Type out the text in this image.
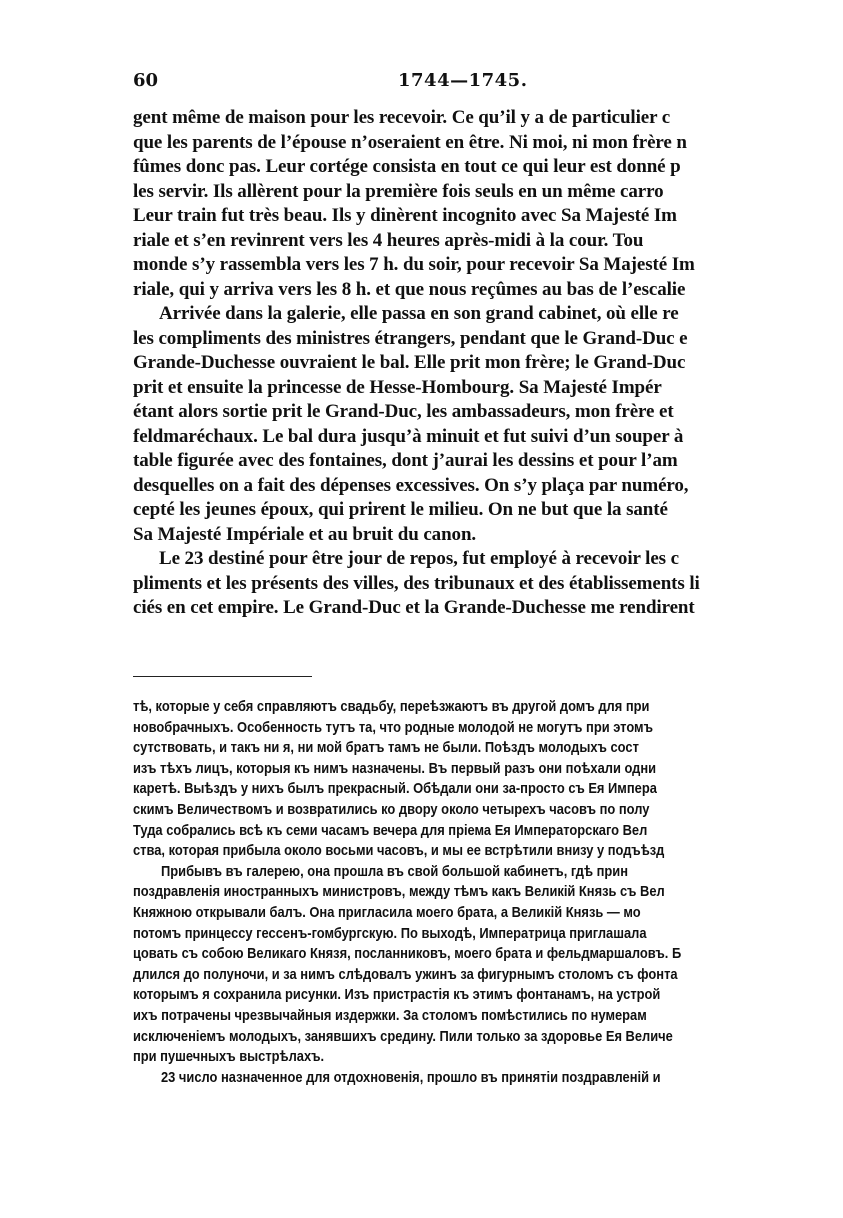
60	1744—1745.
gent même de maison pour les recevoir. Ce qu’il y a de particulier c
que les parents de l’épouse n’oseraient en être. Ni moi, ni mon frère n
fûmes donc pas. Leur cortége consista en tout ce qui leur est donné p
les servir. Ils allèrent pour la première fois seuls en un même carro
Leur train fut très beau. Ils y dinèrent incognito avec Sa Majesté Im
riale et s’en revinrent vers les 4 heures après-midi à la cour. Tou
monde s’y rassembla vers les 7 h. du soir, pour recevoir Sa Majesté Im
riale, qui y arriva vers les 8 h. et que nous reçûmes au bas de l’escalie
Arrivée dans la galerie, elle passa en son grand cabinet, où elle re
les compliments des ministres étrangers, pendant que le Grand-Duc e
Grande-Duchesse ouvraient le bal. Elle prit mon frère; le Grand-Duc
prit et ensuite la princesse de Hesse-Hombourg. Sa Majesté Impér
étant alors sortie prit le Grand-Duc, les ambassadeurs, mon frère et
feldmaréchaux. Le bal dura jusqu’à minuit et fut suivi d’un souper à
table figurée avec des fontaines, dont j’aurai les dessins et pour l’am
desquelles on a fait des dépenses excessives. On s’y plaça par numéro,
cepté les jeunes époux, qui prirent le milieu. On ne but que la santé
Sa Majesté Impériale et au bruit du canon.
Le 23 destiné pour être jour de repos, fut employé à recevoir les c
pliments et les présents des villes, des tribunaux et des établissements li
ciés en cet empire. Le Grand-Duc et la Grande-Duchesse me rendirent
тѣ, которые у себя справляютъ свадьбу, переѣзжаютъ въ другой домъ для при
новобрачныхъ. Особенность тутъ та, что родные молодой не могутъ при этомъ
сутствовать, и такъ ни я, ни мой братъ тамъ не были. Поѣздъ молодыхъ сост
изъ тѣхъ лицъ, которыя къ нимъ назначены. Въ первый разъ они поѣхали одни
каретѣ. Выѣздъ у нихъ былъ прекрасный. Обѣдали они за-просто съ Ея Импера
скимъ Величествомъ и возвратились ко двору около четырехъ часовъ по полу
Туда собрались всѣ къ семи часамъ вечера для пріема Ея Императорскаго Вел
ства, которая прибыла около восьми часовъ, и мы ее встрѣтили внизу у подъѣзд
Прибывъ въ галерею, она прошла въ свой большой кабинетъ, гдѣ прин
поздравленія иностранныхъ министровъ, между тѣмъ какъ Великій Князь съ Вел
Княжною открывали балъ. Она пригласила моего брата, а Великій Князь — мо
потомъ принцессу гессенъ-гомбургскую. По выходѣ, Императрица приглашала
цовать съ собою Великаго Князя, посланниковъ, моего брата и фельдмаршаловъ. Б
длился до полуночи, и за нимъ слѣдовалъ ужинъ за фигурнымъ столомъ съ фонта
которымъ я сохранила рисунки. Изъ пристрастія къ этимъ фонтанамъ, на устрой
ихъ потрачены чрезвычайныя издержки. За столомъ помѣстились по нумерам
исключеніемъ молодыхъ, занявшихъ средину. Пили только за здоровье Ея Величе
при пушечныхъ выстрѣлахъ.
23 число назначенное для отдохновенія, прошло въ принятіи поздравленій и
